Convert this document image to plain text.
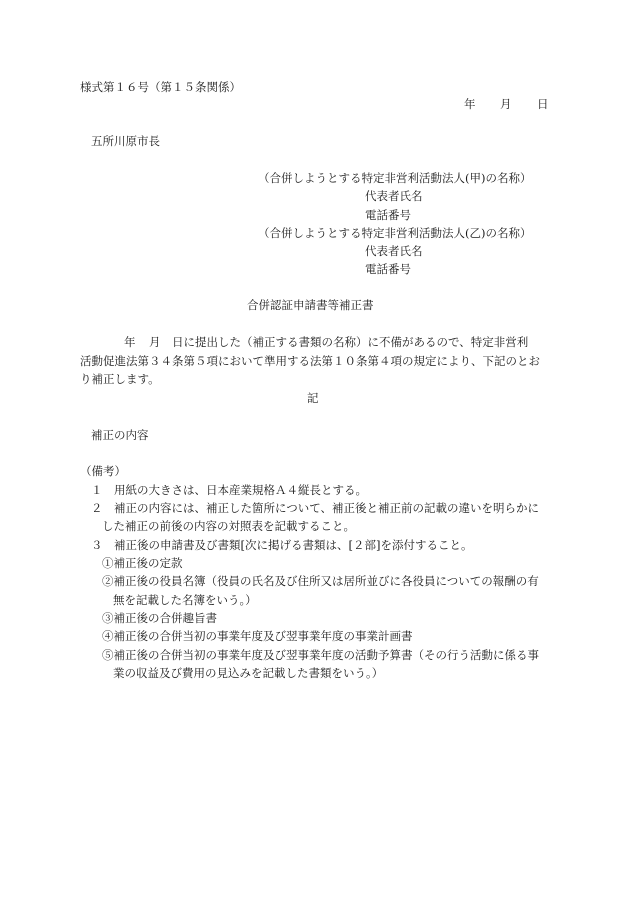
様式第１６号（第１５条関係）
年 月 日
五所川原市長
（合併しようとする特定非営利活動法人(甲)の名称）
代表者氏名
電話番号
（合併しようとする特定非営利活動法人(乙)の名称）
代表者氏名
電話番号
合併認証申請書等補正書
年 月 日に提出した（補正する書類の名称）に不備があるので、特定非営利
活動促進法第３４条第５項において準用する法第１０条第４項の規定により、下記のとお
り補正します。
記
補正の内容
（備考）
１　用紙の大きさは、日本産業規格Ａ４縦長とする。
２　補正の内容には、補正した箇所について、補正後と補正前の記載の違いを明らかに
した補正の前後の内容の対照表を記載すること。
３　補正後の申請書及び書類[次に掲げる書類は、[２部]を添付すること。
①補正後の定款
②補正後の役員名簿（役員の氏名及び住所又は居所並びに各役員についての報酬の有
無を記載した名簿をいう。）
③補正後の合併趣旨書
④補正後の合併当初の事業年度及び翌事業年度の事業計画書
⑤補正後の合併当初の事業年度及び翌事業年度の活動予算書（その行う活動に係る事
業の収益及び費用の見込みを記載した書類をいう。）
